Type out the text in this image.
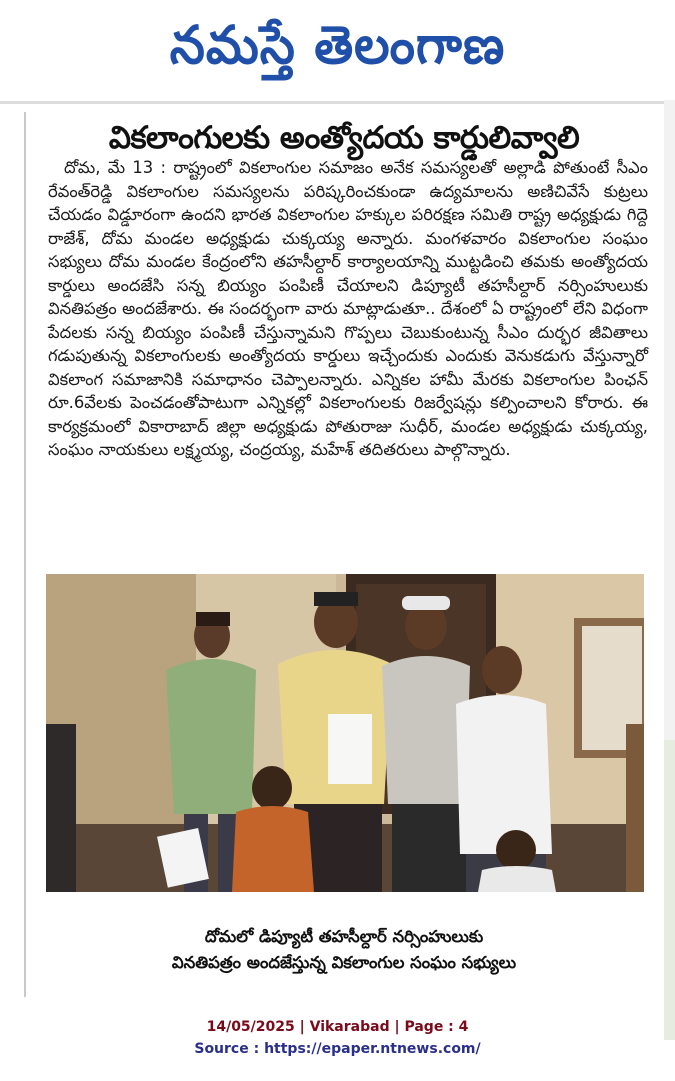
నమస్తే తెలంగాణ
వికలాంగులకు అంత్యోదయ కార్డులివ్వాలి
దోమ, మే 13 : రాష్ట్రంలో వికలాంగుల సమాజం అనేక సమస్యలతో అల్లాడి పోతుంటే సీఎం రేవంత్‌రెడ్డి వికలాంగుల సమస్యలను పరిష్కరించకుండా ఉద్యమాలను అణిచివేసే కుట్రలు చేయడం విడ్డూరంగా ఉందని భారత వికలాంగుల హక్కుల పరిరక్షణ సమితి రాష్ట్ర అధ్యక్షుడు గిద్దె రాజేశ్, దోమ మండల అధ్యక్షుడు చుక్కయ్య అన్నారు. మంగళవారం వికలాంగుల సంఘం సభ్యులు దోమ మండల కేంద్రంలోని తహసీల్దార్ కార్యాలయాన్ని ముట్టడించి తమకు అంత్యోదయ కార్డులు అందజేసి సన్న బియ్యం పంపిణీ చేయాలని డిప్యూటీ తహసీల్దార్ నర్సింహులుకు వినతిపత్రం అందజేశారు. ఈ సందర్భంగా వారు మాట్లాడుతూ.. దేశంలో ఏ రాష్ట్రంలో లేని విధంగా పేదలకు సన్న బియ్యం పంపిణీ చేస్తున్నామని గొప్పలు చెబుకుంటున్న సీఎం దుర్భర జీవితాలు గడుపుతున్న వికలాంగులకు అంత్యోదయ కార్డులు ఇచ్చేందుకు ఎందుకు వెనుకడుగు వేస్తున్నారో వికలాంగ సమాజానికి సమాధానం చెప్పాలన్నారు. ఎన్నికల హామీ మేరకు వికలాంగుల పింఛన్ రూ.6వేలకు పెంచడంతోపాటుగా ఎన్నికల్లో వికలాంగులకు రిజర్వేషన్లు కల్పించాలని కోరారు. ఈ కార్యక్రమంలో వికారాబాద్ జిల్లా అధ్యక్షుడు పోతురాజు సుధీర్, మండల అధ్యక్షుడు చుక్కయ్య, సంఘం నాయకులు లక్ష్మయ్య, చంద్రయ్య, మహేశ్ తదితరులు పాల్గొన్నారు.
దోమలో డిప్యూటీ తహసీల్దార్ నర్సింహులుకు
వినతిపత్రం అందజేస్తున్న వికలాంగుల సంఘం సభ్యులు
14/05/2025 | Vikarabad | Page : 4
Source : https://epaper.ntnews.com/
